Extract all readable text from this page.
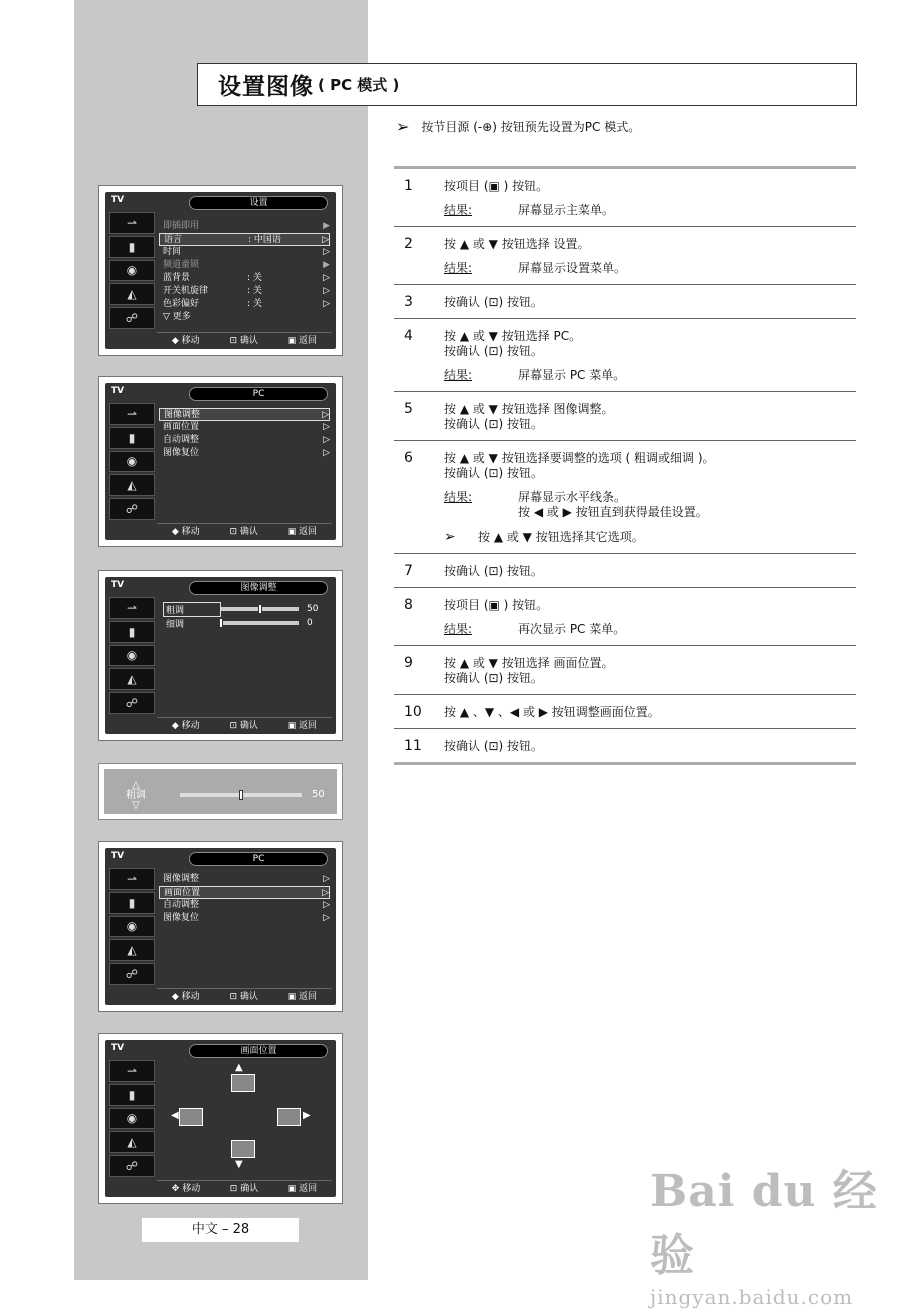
设置图像 ( PC 模式 )
➢ 按节目源 (-⊕) 按钮预先设置为PC 模式。
1	按项目 (▣ ) 按钮。
结果:	屏幕显示主菜单。
2	按 ▲ 或 ▼ 按钮选择 设置。
结果:	屏幕显示设置菜单。
3	按确认 (⊡) 按钮。
4	按 ▲ 或 ▼ 按钮选择 PC。
按确认 (⊡) 按钮。
结果:	屏幕显示 PC 菜单。
5	按 ▲ 或 ▼ 按钮选择 图像调整。
按确认 (⊡) 按钮。
6	按 ▲ 或 ▼ 按钮选择要调整的选项 ( 粗调或细调 )。
按确认 (⊡) 按钮。
结果:	屏幕显示水平线条。
按 ◀ 或 ▶ 按钮直到获得最佳设置。
➢	按 ▲ 或 ▼ 按钮选择其它选项。
7	按确认 (⊡) 按钮。
8	按项目 (▣ ) 按钮。
结果:	再次显示 PC 菜单。
9	按 ▲ 或 ▼ 按钮选择 画面位置。
按确认 (⊡) 按钮。
10	按 ▲ 、▼ 、◀ 或 ▶ 按钮调整画面位置。
11	按确认 (⊡) 按钮。
TV	设置
⇀
▮
◉
◭
☍
即插即用	▶
语言	: 中国语	▷
时间	▷
频道童锁	▶
蓝背景	: 关	▷
开关机旋律	: 关	▷
色彩偏好	: 关	▷
▽ 更多
◆ 移动	⊡ 确认	▣ 返回
TV	PC
⇀
▮
◉
◭
☍
图像调整	▷
画面位置	▷
自动调整	▷
图像复位	▷
◆ 移动	⊡ 确认	▣ 返回
TV	图像调整
⇀
▮
◉
◭
☍
粗调	50
细调	0
◆ 移动	⊡ 确认	▣ 返回
△
粗调
▽
50
TV	PC
⇀
▮
◉
◭
☍
图像调整	▷
画面位置	▷
自动调整	▷
图像复位	▷
◆ 移动	⊡ 确认	▣ 返回
TV	画面位置
⇀
▮
◉
◭
☍
▲
◀	▶
▼
✥ 移动	⊡ 确认	▣ 返回
中文 – 28
Bai du 经验
jingyan.baidu.com
